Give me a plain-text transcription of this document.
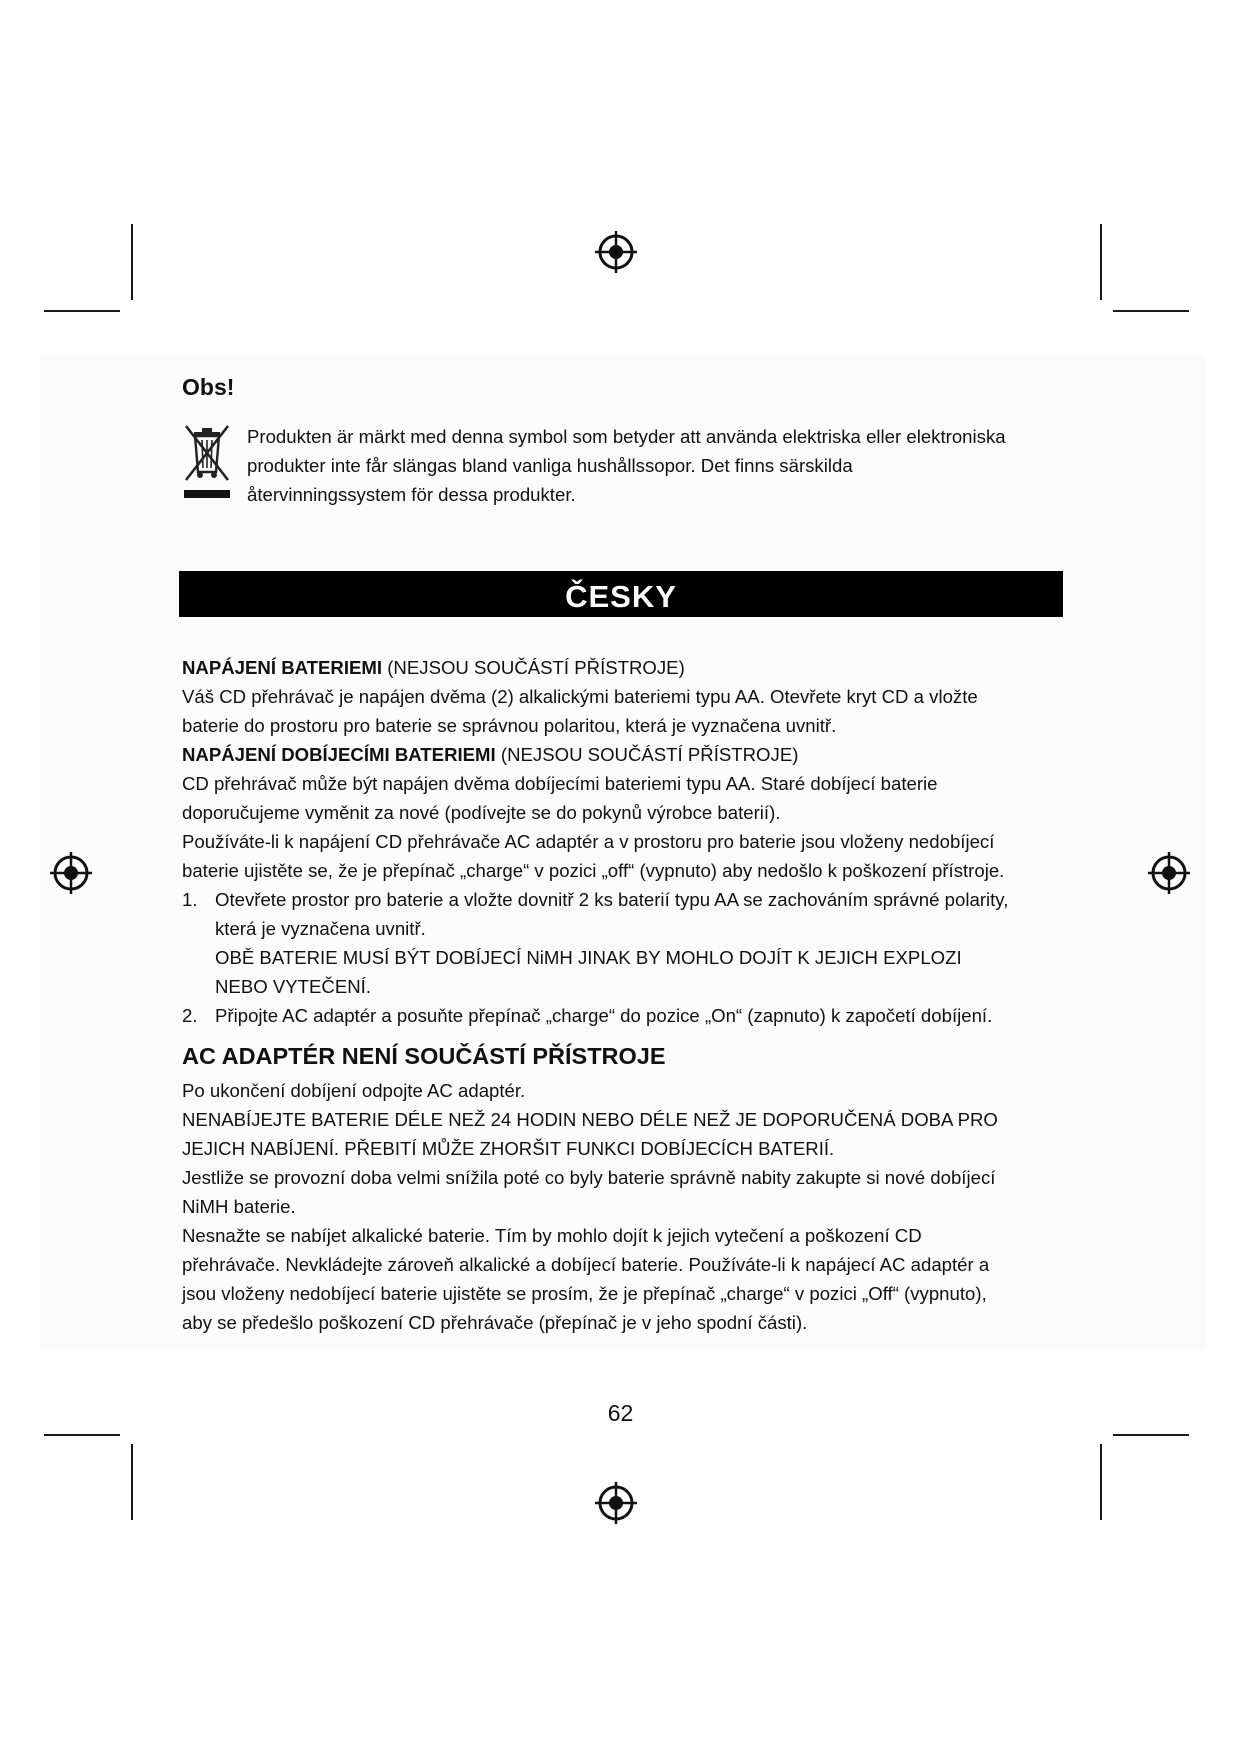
Obs!

Produkten är märkt med denna symbol som betyder att använda elektriska eller elektroniska
produkter inte får slängas bland vanliga hushållssopor. Det finns särskilda
återvinningssystem för dessa produkter.
ČESKY

NAPÁJENÍ BATERIEMI (NEJSOU SOUČÁSTÍ PŘÍSTROJE)

Váš CD přehrávač je napájen dvěma (2) alkalickými bateriemi typu AA. Otevřete kryt CD a vložte

baterie do prostoru pro baterie se správnou polaritou, která je vyznačena uvnitř.

NAPÁJENÍ DOBÍJECÍMI BATERIEMI (NEJSOU SOUČÁSTÍ PŘÍSTROJE)

CD přehrávač může být napájen dvěma dobíjecími bateriemi typu AA. Staré dobíjecí baterie

doporučujeme vyměnit za nové (podívejte se do pokynů výrobce baterií).

Používáte-li k napájení CD přehrávače AC adaptér a v prostoru pro baterie jsou vloženy nedobíjecí

baterie ujistěte se, že je přepínač „charge“ v pozici „off“ (vypnuto) aby nedošlo k poškození přístroje.

1. Otevřete prostor pro baterie a vložte dovnitř 2 ks baterií typu AA se zachováním správné polarity,

která je vyznačena uvnitř.

OBĚ BATERIE MUSÍ BÝT DOBÍJECÍ NiMH JINAK BY MOHLO DOJÍT K JEJICH EXPLOZI

NEBO VYTEČENÍ.

2. Připojte AC adaptér a posuňte přepínač „charge“ do pozice „On“ (zapnuto) k započetí dobíjení.

AC ADAPTÉR NENÍ SOUČÁSTÍ PŘÍSTROJE

Po ukončení dobíjení odpojte AC adaptér.

NENABÍJEJTE BATERIE DÉLE NEŽ 24 HODIN NEBO DÉLE NEŽ JE DOPORUČENÁ DOBA PRO

JEJICH NABÍJENÍ. PŘEBITÍ MŮŽE ZHORŠIT FUNKCI DOBÍJECÍCH BATERIÍ.

Jestliže se provozní doba velmi snížila poté co byly baterie správně nabity zakupte si nové dobíjecí

NiMH baterie.

Nesnažte se nabíjet alkalické baterie. Tím by mohlo dojít k jejich vytečení a poškození CD

přehrávače. Nevkládejte zároveň alkalické a dobíjecí baterie. Používáte-li k napájecí AC adaptér a

jsou vloženy nedobíjecí baterie ujistěte se prosím, že je přepínač „charge“ v pozici „Off“ (vypnuto),

aby se předešlo poškození CD přehrávače (přepínač je v jeho spodní části).

62
